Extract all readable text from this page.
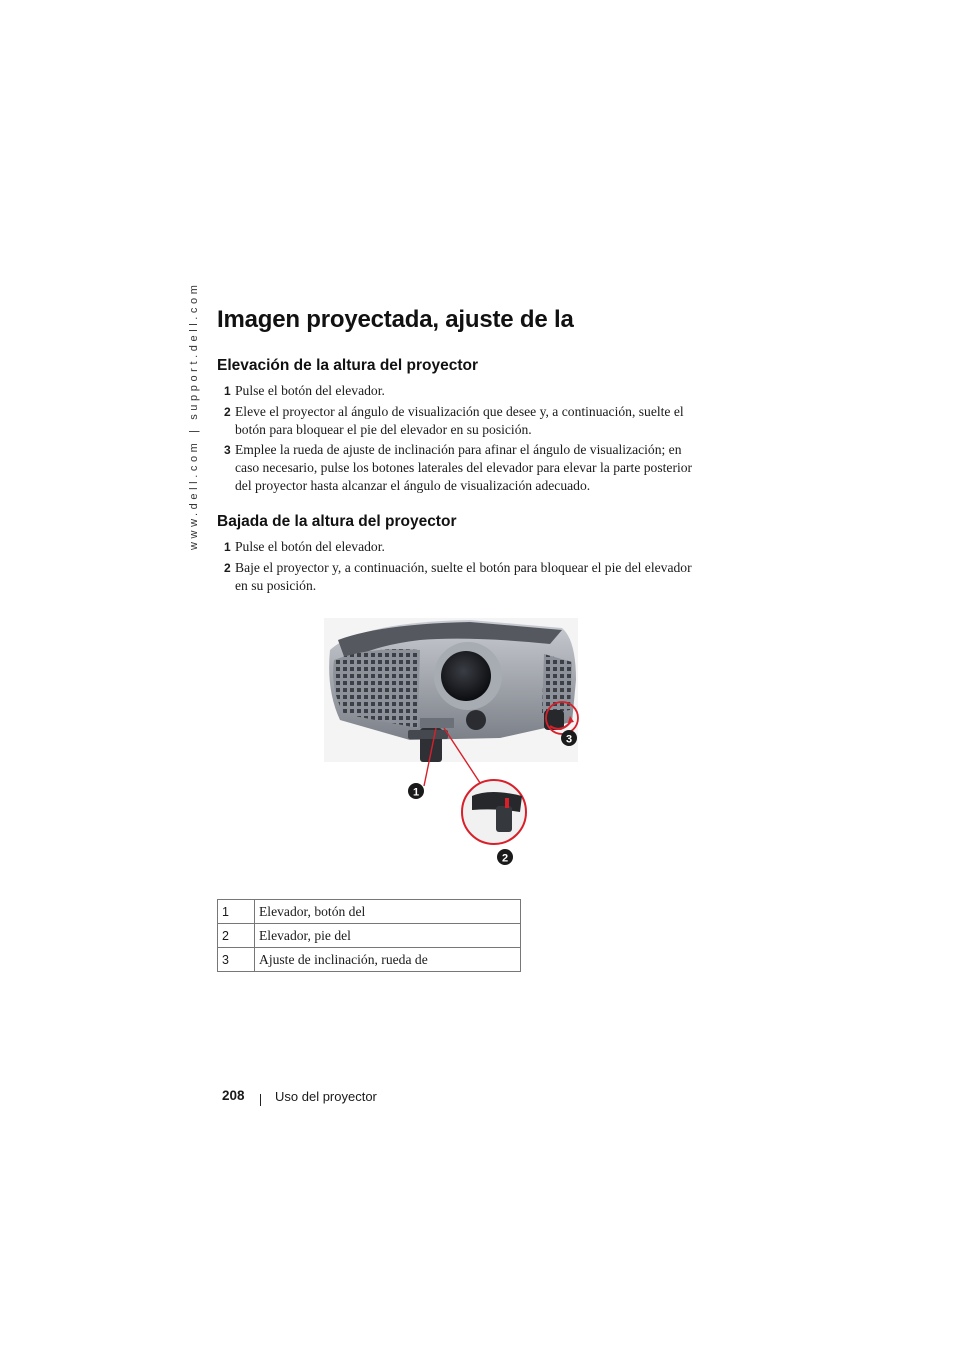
www.dell.com | support.dell.com Imagen proyectada, ajuste de la
Elevación de la altura del proyector
1 Pulse el botón del elevador.
2 Eleve el proyector al ángulo de visualización que desee y, a continuación, suelte el botón para bloquear el pie del elevador en su posición.
3 Emplee la rueda de ajuste de inclinación para afinar el ángulo de visualización; en caso necesario, pulse los botones laterales del elevador para elevar la parte posterior del proyector hasta alcanzar el ángulo de visualización adecuado.
Bajada de la altura del proyector
1 Pulse el botón del elevador.
2 Baje el proyector y, a continuación, suelte el botón para bloquear el pie del elevador en su posición.
1
2
3
1	Elevador, botón del
2	Elevador, pie del
3	Ajuste de inclinación, rueda de
208 Uso del proyector
